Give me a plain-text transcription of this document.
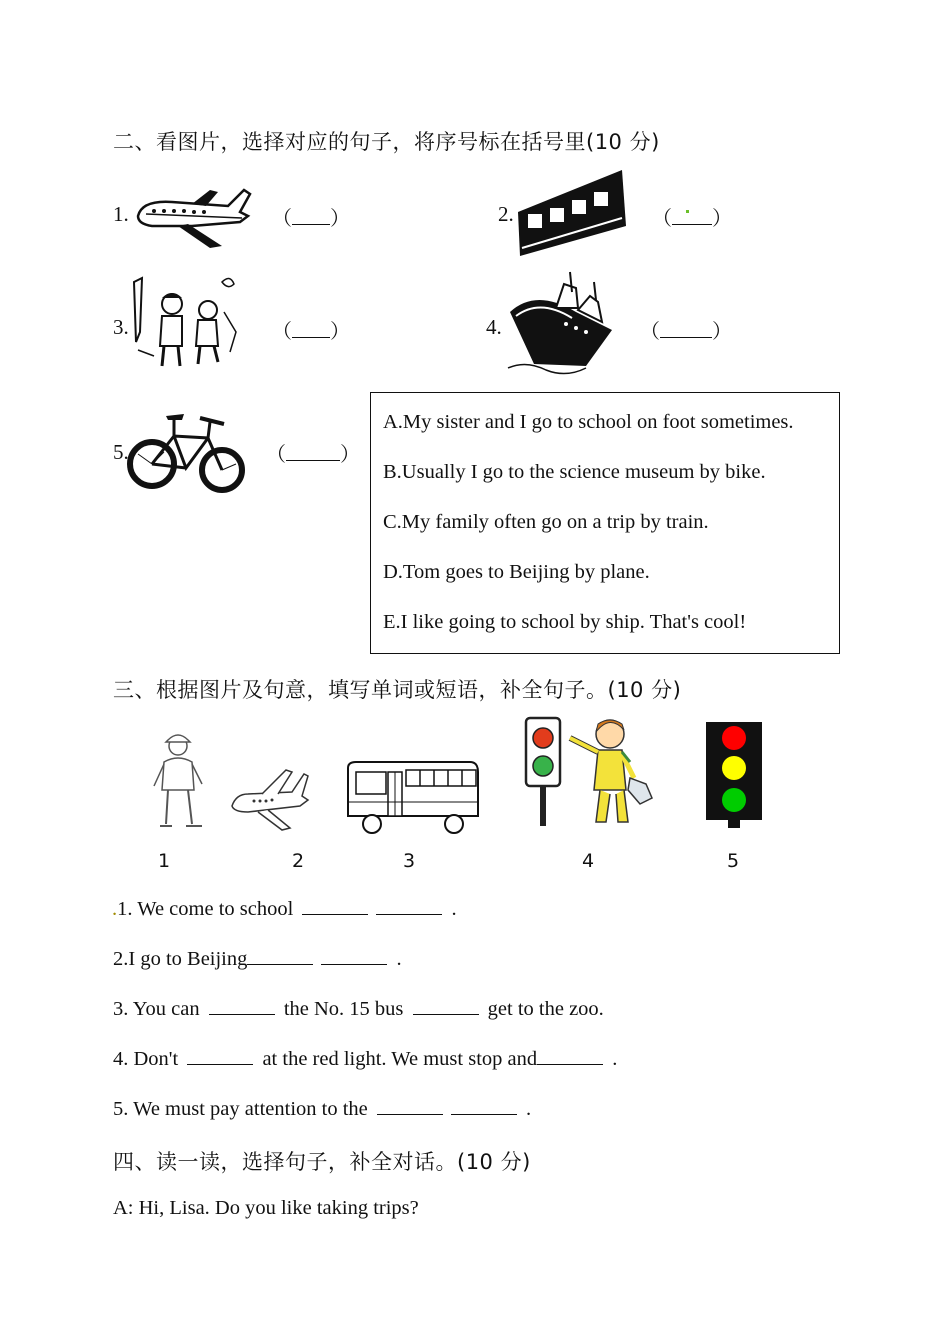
二、看图片，选择对应的句子，将序号标在括号里(10 分)
1.	（ ）	2.	（ ）
3.	（ ）	4.	（	）
5.	（	）
A.My sister and I go to school on foot sometimes.
B.Usually I go to the science museum by bike.
C.My family often go on a trip by train.
D.Tom goes to Beijing by plane.
E.I like going to school by ship. That's cool!
三、根据图片及句意，填写单词或短语，补全句子。(10 分)
1	2	3	4	5
.1. We come to school	.
2.I go to Beijing	.
3. You can	the No. 15 bus	get to the zoo.
4. Don't	at the red light. We must stop and	.
5. We must pay attention to the	.
四、读一读，选择句子，补全对话。(10 分)
A: Hi, Lisa. Do you like taking trips?
